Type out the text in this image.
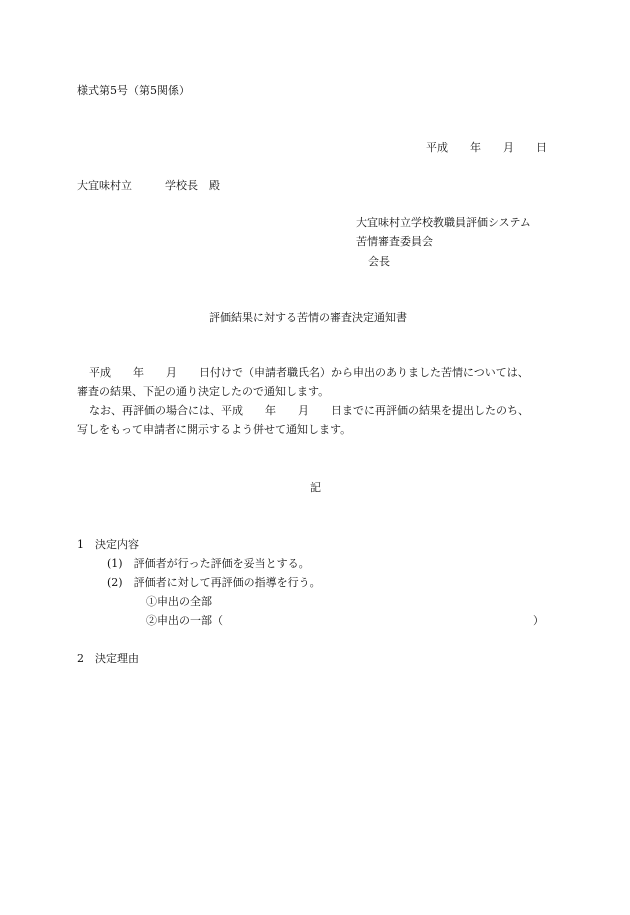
様式第5号（第5関係）
平成　　年　　月　　日
大宜味村立　　　学校長　殿
大宜味村立学校教職員評価システム
苦情審査委員会
会長
評価結果に対する苦情の審査決定通知書
平成　　年　　月　　日付けで（申請者職氏名）から申出のありました苦情については、
審査の結果、下記の通り決定したので通知します。
なお、再評価の場合には、平成　　年　　月　　日までに再評価の結果を提出したのち、
写しをもって申請者に開示するよう併せて通知します。
記
1　決定内容
(1)　評価者が行った評価を妥当とする。
(2)　評価者に対して再評価の指導を行う。
①申出の全部
②申出の一部（	）
2　決定理由
